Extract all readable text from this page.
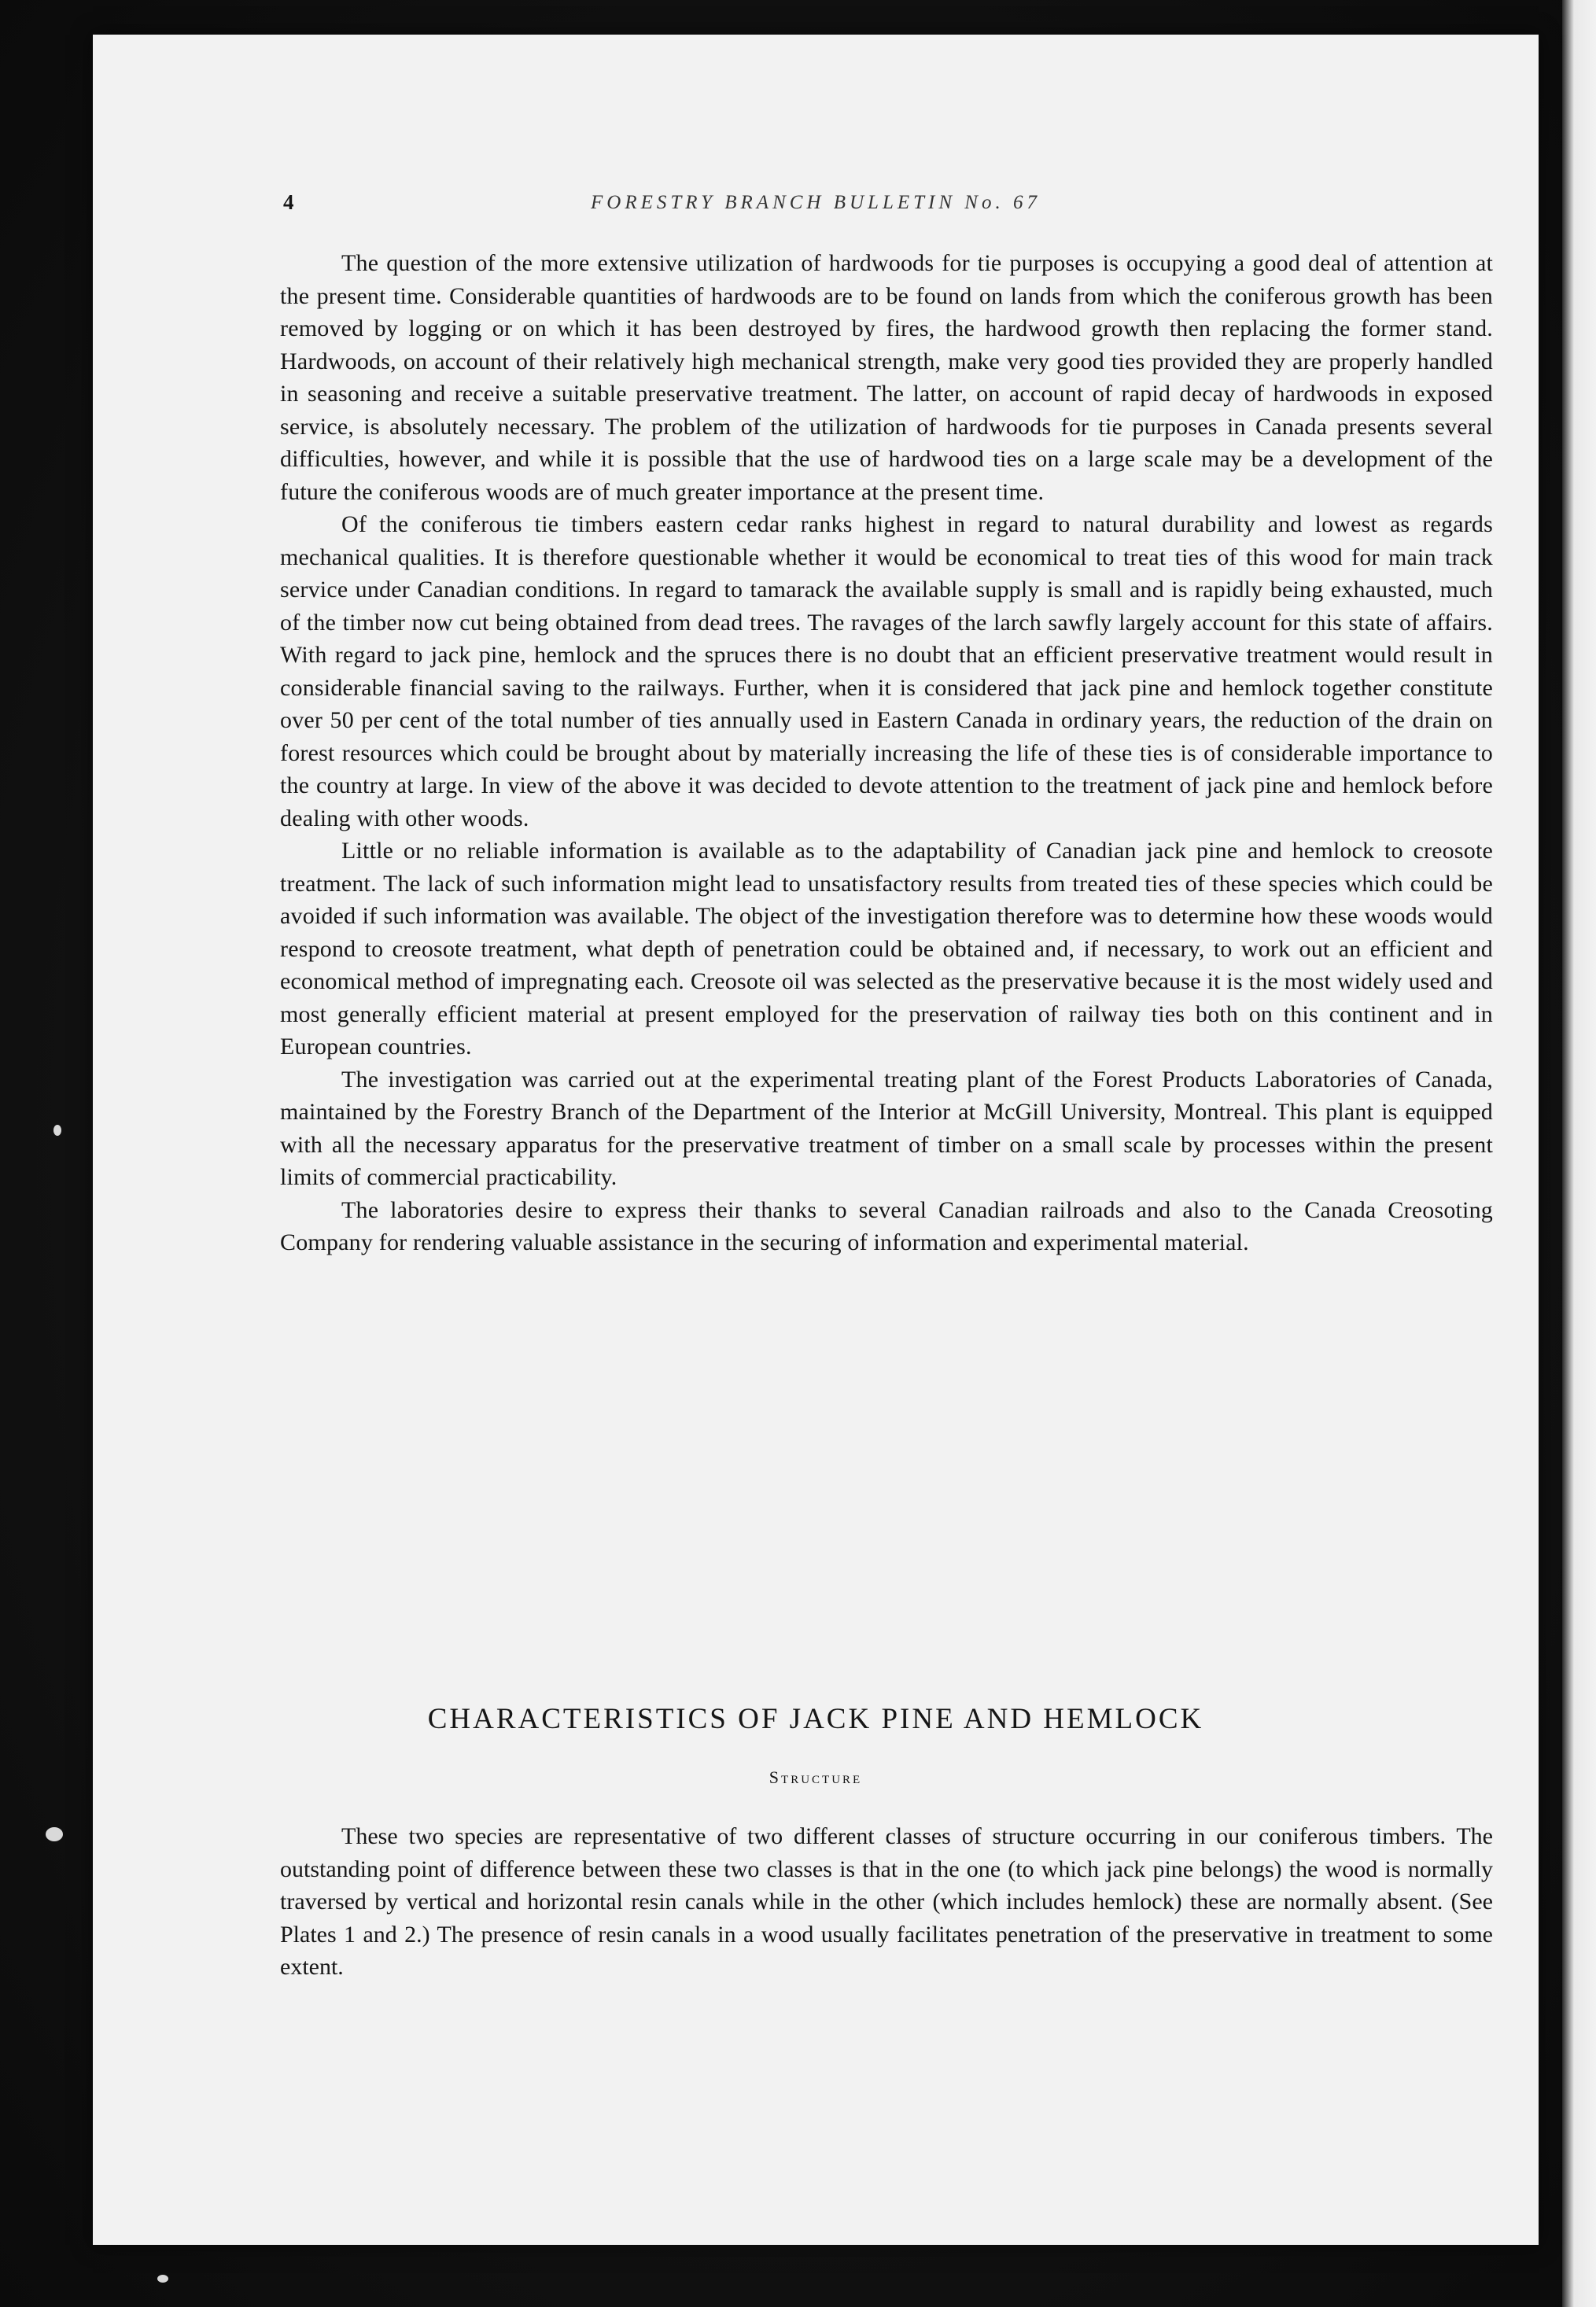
4	FORESTRY BRANCH BULLETIN No. 67

The question of the more extensive utilization of hardwoods for tie purposes is occupying a good deal of attention at the present time. Considerable quantities of hardwoods are to be found on lands from which the coniferous growth has been removed by logging or on which it has been destroyed by fires, the hardwood growth then replacing the former stand. Hardwoods, on account of their relatively high mechanical strength, make very good ties provided they are properly handled in seasoning and receive a suitable preservative treatment. The latter, on account of rapid decay of hardwoods in exposed service, is absolutely necessary. The problem of the utilization of hardwoods for tie purposes in Canada presents several difficulties, however, and while it is possible that the use of hardwood ties on a large scale may be a development of the future the coniferous woods are of much greater importance at the present time.

Of the coniferous tie timbers eastern cedar ranks highest in regard to natural durability and lowest as regards mechanical qualities. It is therefore questionable whether it would be economical to treat ties of this wood for main track service under Canadian conditions. In regard to tamarack the available supply is small and is rapidly being exhausted, much of the timber now cut being obtained from dead trees. The ravages of the larch sawfly largely account for this state of affairs. With regard to jack pine, hemlock and the spruces there is no doubt that an efficient preservative treatment would result in considerable financial saving to the railways. Further, when it is considered that jack pine and hemlock together constitute over 50 per cent of the total number of ties annually used in Eastern Canada in ordinary years, the reduction of the drain on forest resources which could be brought about by materially increasing the life of these ties is of considerable importance to the country at large. In view of the above it was decided to devote attention to the treatment of jack pine and hemlock before dealing with other woods.

Little or no reliable information is available as to the adaptability of Canadian jack pine and hemlock to creosote treatment. The lack of such information might lead to unsatisfactory results from treated ties of these species which could be avoided if such information was available. The object of the investigation therefore was to determine how these woods would respond to creosote treatment, what depth of penetration could be obtained and, if necessary, to work out an efficient and economical method of impregnating each. Creosote oil was selected as the preservative because it is the most widely used and most generally efficient material at present employed for the preservation of railway ties both on this continent and in European countries.

The investigation was carried out at the experimental treating plant of the Forest Products Laboratories of Canada, maintained by the Forestry Branch of the Department of the Interior at McGill University, Montreal. This plant is equipped with all the necessary apparatus for the preservative treatment of timber on a small scale by processes within the present limits of commercial practicability.

The laboratories desire to express their thanks to several Canadian railroads and also to the Canada Creosoting Company for rendering valuable assistance in the securing of information and experimental material.

CHARACTERISTICS OF JACK PINE AND HEMLOCK
Structure

These two species are representative of two different classes of structure occurring in our coniferous timbers. The outstanding point of difference between these two classes is that in the one (to which jack pine belongs) the wood is normally traversed by vertical and horizontal resin canals while in the other (which includes hemlock) these are normally absent. (See Plates 1 and 2.) The presence of resin canals in a wood usually facilitates penetration of the preservative in treatment to some extent.
